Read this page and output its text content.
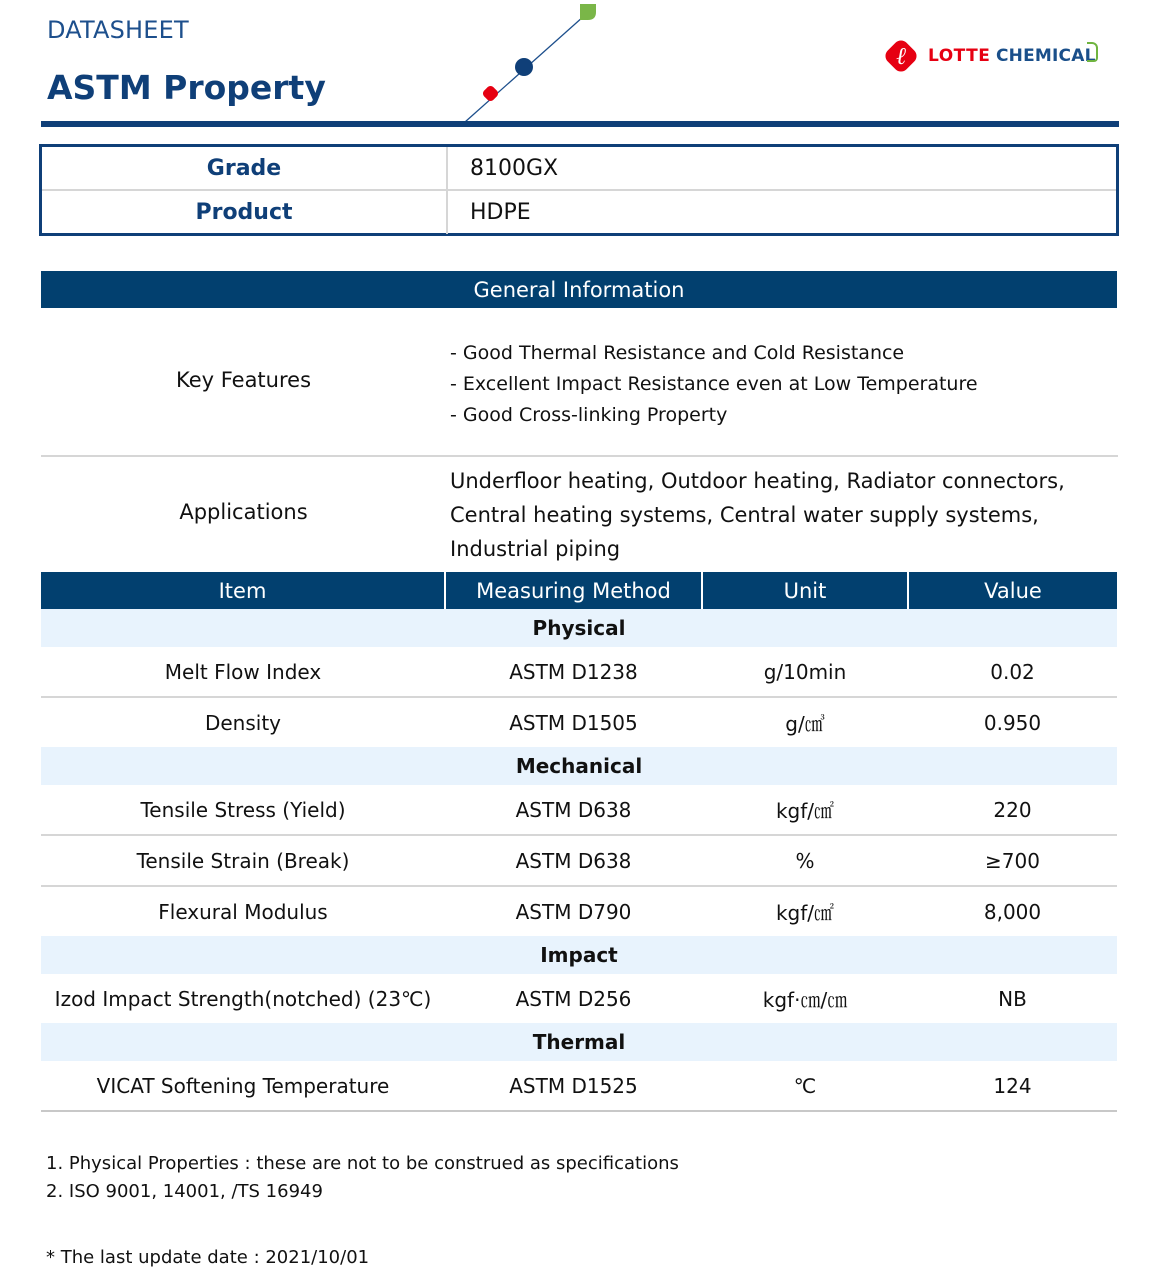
DATASHEET
ASTM Property
ℓ	LOTTE CHEMICAL
Grade	8100GX
Product	HDPE
General Information
Key Features
- Good Thermal Resistance and Cold Resistance
- Excellent Impact Resistance even at Low Temperature
- Good Cross-linking Property
Applications
Underfloor heating, Outdoor heating, Radiator connectors, Central heating systems, Central water supply systems, Industrial piping
Item	Measuring Method	Unit	Value
Physical			
Melt Flow Index	ASTM D1238	g/10min	0.02
Density	ASTM D1505	g/㎤	0.950
Mechanical			
Tensile Stress (Yield)	ASTM D638	kgf/㎠	220
Tensile Strain (Break)	ASTM D638	%	≥700
Flexural Modulus	ASTM D790	kgf/㎠	8,000
Impact			
Izod Impact Strength(notched) (23℃)	ASTM D256	kgf·㎝/㎝	NB
Thermal			
VICAT Softening Temperature	ASTM D1525	℃	124
1. Physical Properties : these are not to be construed as specifications
2. ISO 9001, 14001, /TS 16949
* The last update date : 2021/10/01
